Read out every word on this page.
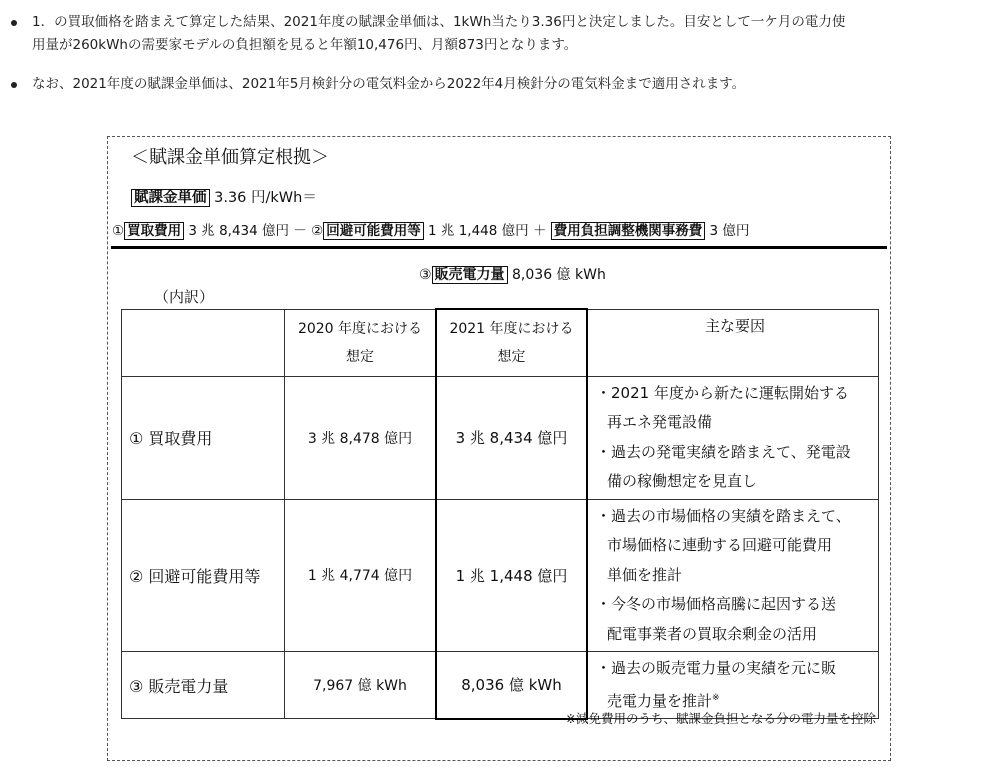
1．の買取価格を踏まえて算定した結果、2021年度の賦課金単価は、1kWh当たり3.36円と決定しました。目安として一ケ月の電力使
用量が260kWhの需要家モデルの負担額を見ると年額10,476円、月額873円となります。
なお、2021年度の賦課金単価は、2021年5月検針分の電気料金から2022年4月検針分の電気料金まで適用されます。
＜賦課金単価算定根拠＞
賦課金単価 3.36 円/kWh＝
① 買取費用 3 兆 8,434 億円 － ② 回避可能費用等 1 兆 1,448 億円 ＋ 費用負担調整機関事務費 3 億円
③ 販売電力量 8,036 億 kWh
（内訳）
	2020 年度における
想定	2021 年度における
想定	主な要因
① 買取費用	3 兆 8,478 億円	3 兆 8,434 億円	・2021 年度から新たに運転開始する
再エネ発電設備
・過去の発電実績を踏まえて、発電設
備の稼働想定を見直し

② 回避可能費用等	1 兆 4,774 億円	1 兆 1,448 億円	・過去の市場価格の実績を踏まえて、
市場価格に連動する回避可能費用
単価を推計
・今冬の市場価格高騰に起因する送
配電事業者の買取余剰金の活用

③ 販売電力量	7,967 億 kWh	8,036 億 kWh	・過去の販売電力量の実績を元に販
売電力量を推計※
※減免費用のうち、賦課金負担となる分の電力量を控除
